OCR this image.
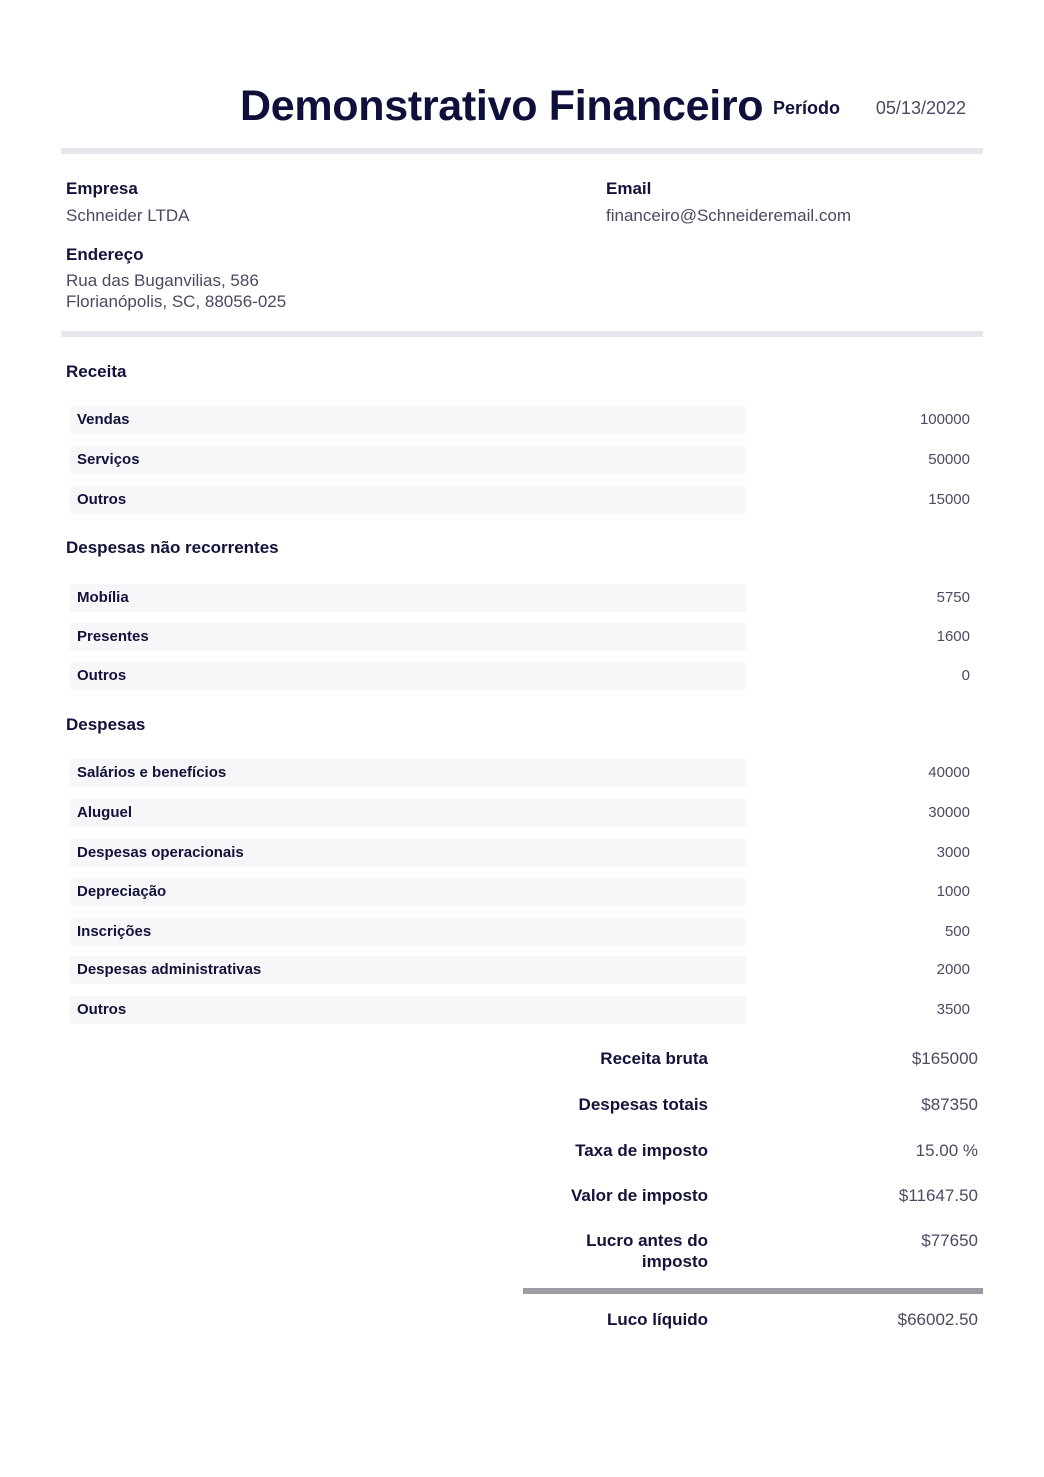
Demonstrativo Financeiro Período 05/13/2022
Empresa
Schneider LTDA
Email
financeiro@Schneideremail.com
Endereço
Rua das Buganvilias, 586
Florianópolis, SC, 88056-025
Receita
Vendas	100000
Serviços	50000
Outros	15000
Despesas não recorrentes
Mobília	5750
Presentes	1600
Outros	0
Despesas
Salários e benefícios	40000
Aluguel	30000
Despesas operacionais	3000
Depreciação	1000
Inscrições	500
Despesas administrativas	2000
Outros	3500
Receita bruta	$165000
Despesas totais	$87350
Taxa de imposto	15.00 %
Valor de imposto	$11647.50
Lucro antes do
imposto
$77650
Luco líquido	$66002.50
